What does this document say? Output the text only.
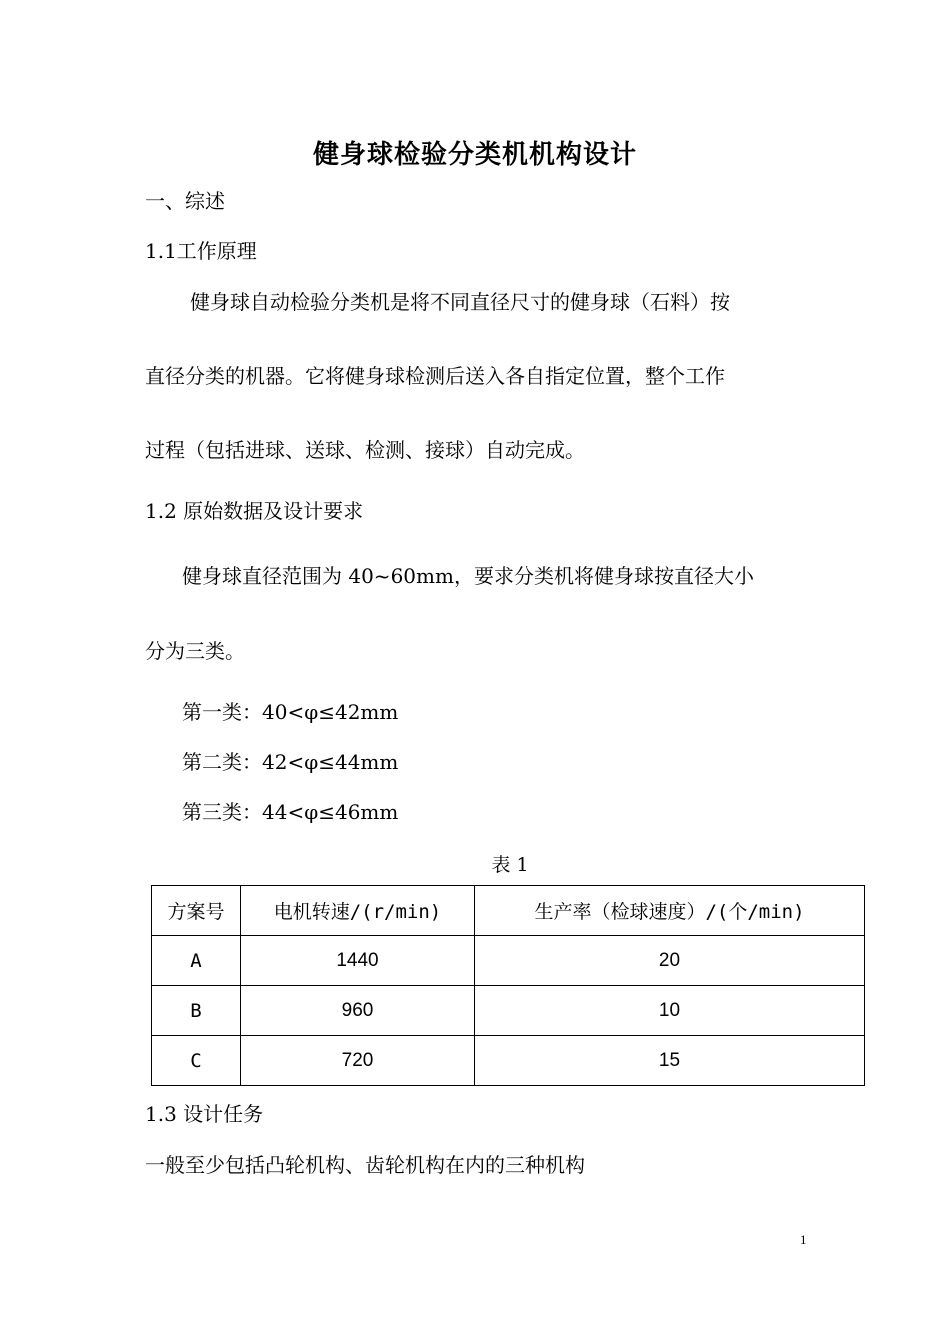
健身球检验分类机机构设计
一、综述
1.1工作原理
健身球自动检验分类机是将不同直径尺寸的健身球（石料）按
直径分类的机器。它将健身球检测后送入各自指定位置，整个工作
过程（包括进球、送球、检测、接球）自动完成。
1.2 原始数据及设计要求
健身球直径范围为 40~60mm，要求分类机将健身球按直径大小
分为三类。
第一类：40<φ≤42mm
第二类：42<φ≤44mm
第三类：44<φ≤46mm
表 1
方案号	电机转速/(r/min)	生产率（检球速度）/(个/min)
A	1440	20
B	960	10
C	720	15
1.3 设计任务
一般至少包括凸轮机构、齿轮机构在内的三种机构
1
